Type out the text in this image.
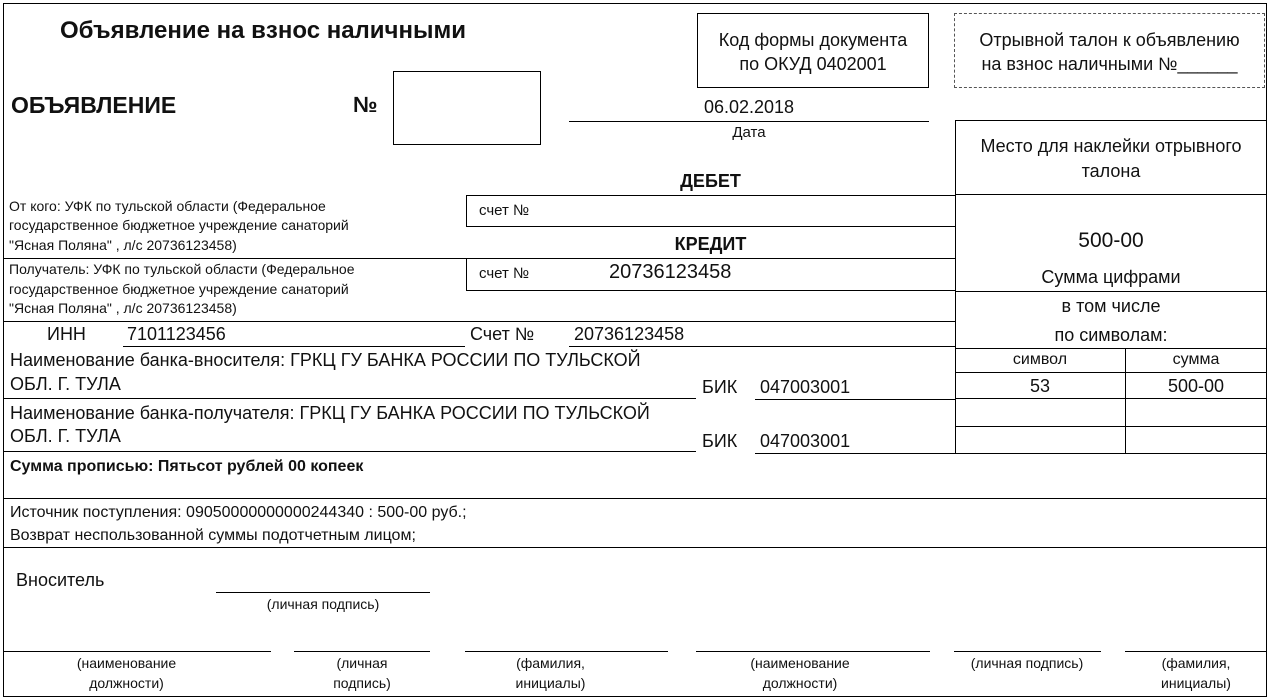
Объявление на взнос наличными
ОБЪЯВЛЕНИЕ	№
Код формы документа
по ОКУД 0402001
Отрывной талон к объявлению
на взнос наличными №______
06.02.2018
Дата
ДЕБЕТ
От кого: УФК по тульской области (Федеральное
государственное бюджетное учреждение санаторий
"Ясная Поляна" , л/с 20736123458)
счет №
КРЕДИТ
Получатель: УФК по тульской области (Федеральное
государственное бюджетное учреждение санаторий
"Ясная Поляна" , л/с 20736123458)
счет №	20736123458
ИНН 7101123456	Счет № 20736123458
Наименование банка-вносителя: ГРКЦ ГУ БАНКА РОССИИ ПО ТУЛЬСКОЙ
ОБЛ. Г. ТУЛА	БИК 047003001
Наименование банка-получателя: ГРКЦ ГУ БАНКА РОССИИ ПО ТУЛЬСКОЙ
ОБЛ. Г. ТУЛА	БИК 047003001
Сумма прописью: Пятьсот рублей 00 копеек
Источник поступления: 09050000000000244340 : 500-00 руб.;
Возврат неспользованной суммы подотчетным лицом;
Место для наклейки отрывного
талона
500-00
Сумма цифрами
в том числе
по символам:
символ	сумма
53	500-00
Вноситель
(личная подпись)
(наименование
должности)
(личная
подпись)
(фамилия,
инициалы)
(наименование
должности)
(личная подпись)	(фамилия,
инициалы)
